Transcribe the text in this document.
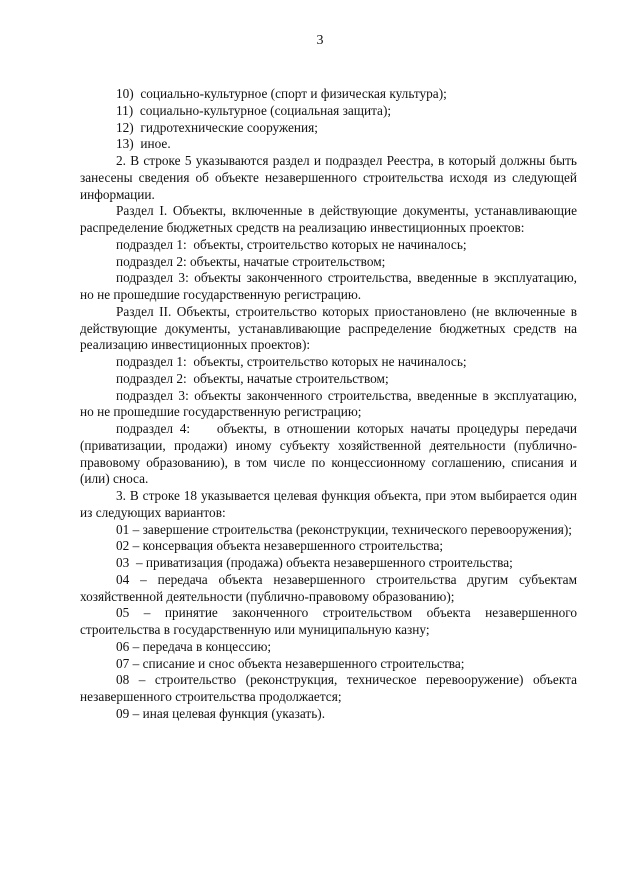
3

10)  социально-культурное (спорт и физическая культура);

11)  социально-культурное (социальная защита);

12)  гидротехнические сооружения;

13)  иное.

2. В строке 5 указываются раздел и подраздел Реестра, в который должны быть занесены сведения об объекте незавершенного строительства исходя из следующей информации.

Раздел I. Объекты, включенные в действующие документы, устанавливающие распределение бюджетных средств на реализацию инвестиционных проектов:

подраздел 1:  объекты, строительство которых не начиналось;

подраздел 2: объекты, начатые строительством;

подраздел 3: объекты законченного строительства, введенные в эксплуатацию, но не прошедшие государственную регистрацию.

Раздел II. Объекты, строительство которых приостановлено (не включенные в действующие документы, устанавливающие распределение бюджетных средств на реализацию инвестиционных проектов):

подраздел 1:  объекты, строительство которых не начиналось;

подраздел 2:  объекты, начатые строительством;

подраздел 3: объекты законченного строительства, введенные в эксплуатацию, но не прошедшие государственную регистрацию;

подраздел 4:    объекты, в отношении которых начаты процедуры передачи (приватизации, продажи) иному субъекту хозяйственной деятельности (публично-правовому образованию), в том числе по концессионному соглашению, списания и (или) сноса.

3. В строке 18 указывается целевая функция объекта, при этом выбирается один из следующих вариантов:

01 – завершение строительства (реконструкции, технического перевооружения);

02 – консервация объекта незавершенного строительства;

03  – приватизация (продажа) объекта незавершенного строительства;

04 – передача объекта незавершенного строительства другим субъектам хозяйственной деятельности (публично-правовому образованию);

05 – принятие законченного строительством объекта незавершенного строительства в государственную или муниципальную казну;

06 – передача в концессию;

07 – списание и снос объекта незавершенного строительства;

08 – строительство (реконструкция, техническое перевооружение) объекта незавершенного строительства продолжается;

09 – иная целевая функция (указать).
